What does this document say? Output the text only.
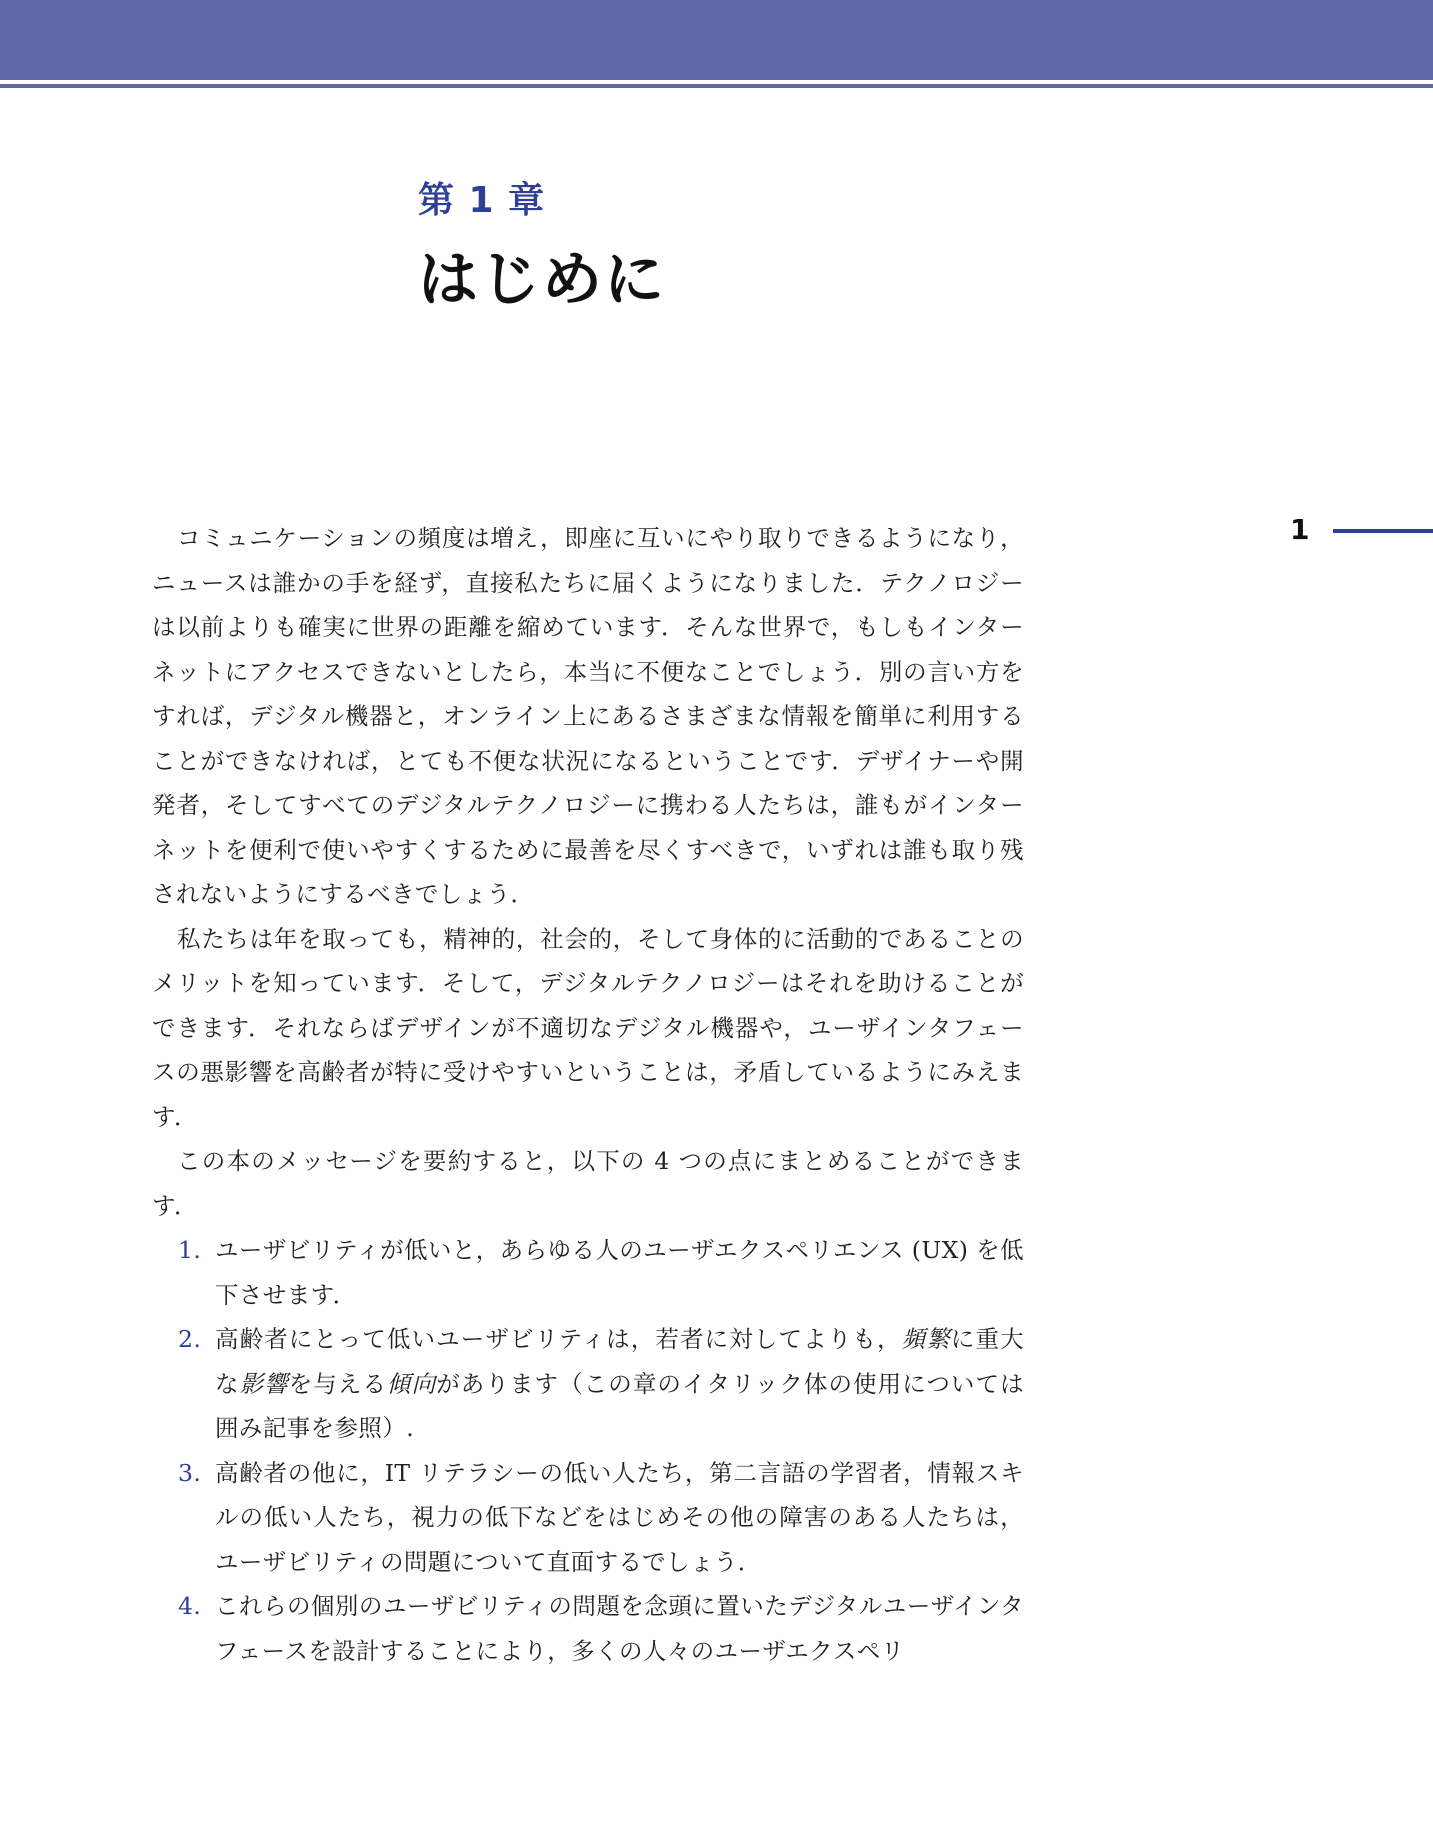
第 1 章
はじめに
1

コミュニケーションの頻度は増え，即座に互いにやり取りできるようになり，ニュースは誰かの手を経ず，直接私たちに届くようになりました．テクノロジーは以前よりも確実に世界の距離を縮めています．そんな世界で，もしもインターネットにアクセスできないとしたら，本当に不便なことでしょう．別の言い方をすれば，デジタル機器と，オンライン上にあるさまざまな情報を簡単に利用することができなければ，とても不便な状況になるということです．デザイナーや開発者，そしてすべてのデジタルテクノロジーに携わる人たちは，誰もがインターネットを便利で使いやすくするために最善を尽くすべきで，いずれは誰も取り残されないようにするべきでしょう．

私たちは年を取っても，精神的，社会的，そして身体的に活動的であることのメリットを知っています．そして，デジタルテクノロジーはそれを助けることができます．それならばデザインが不適切なデジタル機器や，ユーザインタフェースの悪影響を高齢者が特に受けやすいということは，矛盾しているようにみえます．

この本のメッセージを要約すると，以下の 4 つの点にまとめることができます．

1. ユーザビリティが低いと，あらゆる人のユーザエクスペリエンス (UX) を低下させます．
2. 高齢者にとって低いユーザビリティは，若者に対してよりも，頻繁に重大な影響を与える傾向があります（この章のイタリック体の使用については囲み記事を参照）.
3. 高齢者の他に，IT リテラシーの低い人たち，第二言語の学習者，情報スキルの低い人たち，視力の低下などをはじめその他の障害のある人たちは，ユーザビリティの問題について直面するでしょう．
4. これらの個別のユーザビリティの問題を念頭に置いたデジタルユーザインタフェースを設計することにより，多くの人々のユーザエクスペリ
